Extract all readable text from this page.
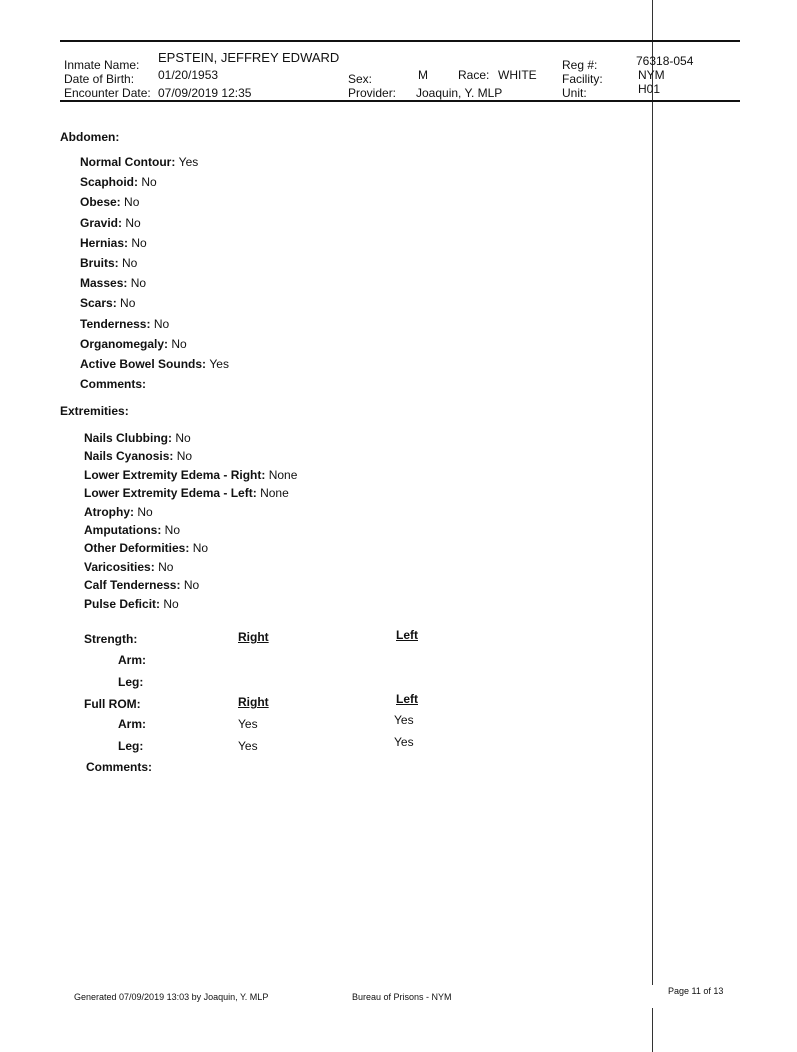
Inmate Name: EPSTEIN, JEFFREY EDWARD
Date of Birth: 01/20/1953
Encounter Date: 07/09/2019 12:35
Sex:	M	Race: WHITE
Provider: Joaquin, Y. MLP
Reg #:	76318-054
Facility:	NYM
Unit:	H01
Abdomen:
Normal Contour: Yes
Scaphoid: No
Obese: No
Gravid: No
Hernias: No
Bruits: No
Masses: No
Scars: No
Tenderness: No
Organomegaly: No
Active Bowel Sounds: Yes
Comments:
Extremities:
Nails Clubbing: No
Nails Cyanosis: No
Lower Extremity Edema - Right: None
Lower Extremity Edema - Left: None
Atrophy: No
Amputations: No
Other Deformities: No
Varicosities: No
Calf Tenderness: No
Pulse Deficit: No
Strength:	Right	Left
Arm:
Leg:
Full ROM:	Right	Left
Arm:	Yes	Yes
Leg:	Yes	Yes
Comments:
Generated 07/09/2019 13:03 by Joaquin, Y. MLP	Bureau of Prisons - NYM
Page 11 of 13
